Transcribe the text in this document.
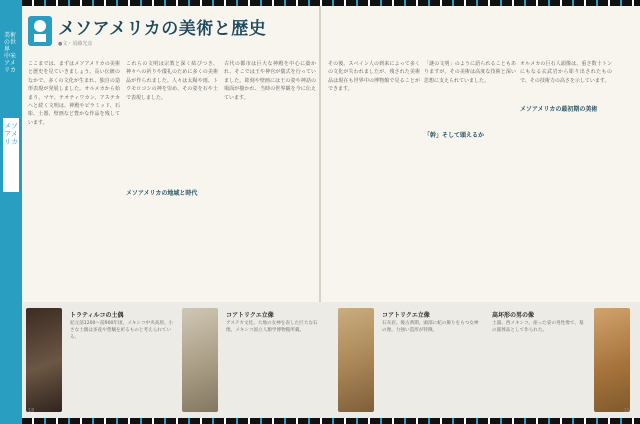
美術の世界　中米アメリカ
メソアメリカ
メソアメリカの美術と歴史
●文・須藤光彦
ここまでは、まずはメソアメリカの美術と歴史を見ていきましょう。長い伝統のなかで、多くの文化が生まれ、独自の造形表現が発展しました。オルメカから始まり、マヤ、テオティワカン、アステカへと続く文明は、神殿やピラミッド、石彫、土器、壁画など豊かな作品を残しています。
これらの文明は宗教と深く結びつき、神々への祈りや儀礼のために多くの美術品が作られました。人々は太陽や雨、トウモロコシの神を崇め、その姿を石や土で表現しました。
古代の都市は巨大な神殿を中心に築かれ、そこでは王や神官が儀式を行っていました。彫刻や壁画には王の姿や神話の場面が描かれ、当時の世界観を今に伝えています。
メソアメリカの地域と時代
その後、スペイン人の到来によって多くの文化が失われましたが、残された美術品は現在も世界中の博物館で見ることができます。
「謎の文明」のように語られることもありますが、その美術は高度な技術と深い思想に支えられていました。
オルメカの巨石人頭像は、重さ数十トンにもなる玄武岩から彫り出されたもので、その技術力の高さを示しています。
「幹」そして頭えるか
メソアメリカの最初期の美術
トラティルコの土偶
紀元前1200〜前900年頃。メキシコ中央高原。小さな土偶は多産や豊穣を祈るものと考えられている。
コアトリクエ立像
アステカ文化。大地の女神を表した巨大な石像。メキシコ国立人類学博物館所蔵。
コアトリクエ立像
石灰岩。後古典期。頭部に蛇の飾りをもつ女神の像。力強い造形が特徴。
高坏形の男の像
土器。西メキシコ。座った姿の男性像で、墓の副葬品として作られた。
18	19
